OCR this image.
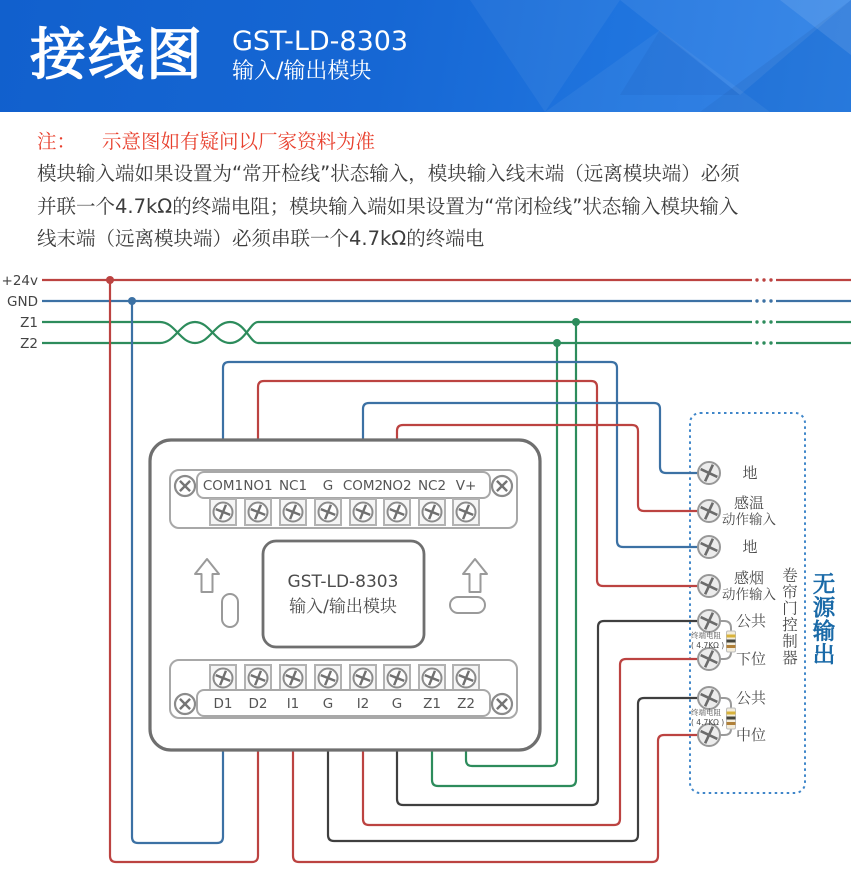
接线图 GST-LD-8303
输入/输出模块
注： 示意图如有疑问以厂家资料为准
模块输入端如果设置为“常开检线”状态输入，模块输入线末端（远离模块端）必须
并联一个4.7kΩ的终端电阻；模块输入端如果设置为“常闭检线”状态输入模块输入
线末端（远离模块端）必须串联一个4.7kΩ的终端电
+24v
GND
Z1
Z2
COM1 NO1 NC1 G COM2 NO2 NC2 V+
GST-LD-8303
输入/输出模块
D1 D2 I1 G I2 G Z1 Z2
地
感温
动作输入
地
感烟
动作输入
公共
下位
公共
中位
终端电阻
( 4.7KΩ )
终端电阻
( 4.7KΩ )
卷帘门控制器 无源输出
